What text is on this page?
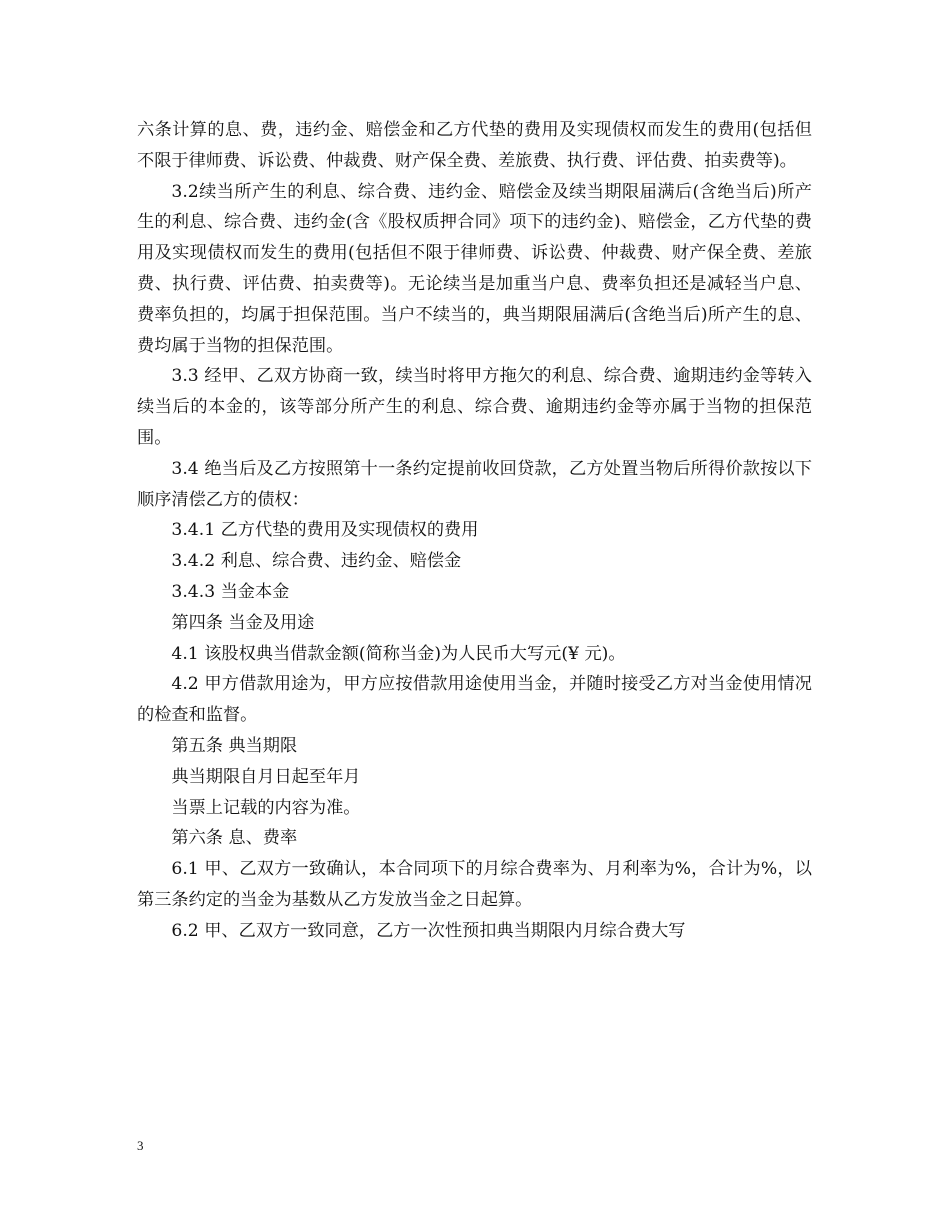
六条计算的息、费，违约金、赔偿金和乙方代垫的费用及实现债权而发生的费用(包括但不限于律师费、诉讼费、仲裁费、财产保全费、差旅费、执行费、评估费、拍卖费等)。

3.2续当所产生的利息、综合费、违约金、赔偿金及续当期限届满后(含绝当后)所产生的利息、综合费、违约金(含《股权质押合同》项下的违约金)、赔偿金，乙方代垫的费用及实现债权而发生的费用(包括但不限于律师费、诉讼费、仲裁费、财产保全费、差旅费、执行费、评估费、拍卖费等)。无论续当是加重当户息、费率负担还是减轻当户息、费率负担的，均属于担保范围。当户不续当的，典当期限届满后(含绝当后)所产生的息、费均属于当物的担保范围。

3.3 经甲、乙双方协商一致，续当时将甲方拖欠的利息、综合费、逾期违约金等转入续当后的本金的，该等部分所产生的利息、综合费、逾期违约金等亦属于当物的担保范围。

3.4 绝当后及乙方按照第十一条约定提前收回贷款，乙方处置当物后所得价款按以下顺序清偿乙方的债权：

3.4.1 乙方代垫的费用及实现债权的费用

3.4.2 利息、综合费、违约金、赔偿金

3.4.3 当金本金

第四条 当金及用途

4.1 该股权典当借款金额(简称当金)为人民币大写元(¥ 元)。

4.2 甲方借款用途为，甲方应按借款用途使用当金，并随时接受乙方对当金使用情况的检查和监督。

第五条 典当期限

典当期限自月日起至年月

当票上记载的内容为准。

第六条 息、费率

6.1 甲、乙双方一致确认，本合同项下的月综合费率为、月利率为%，合计为%，以第三条约定的当金为基数从乙方发放当金之日起算。

6.2 甲、乙双方一致同意，乙方一次性预扣典当期限内月综合费大写

3
